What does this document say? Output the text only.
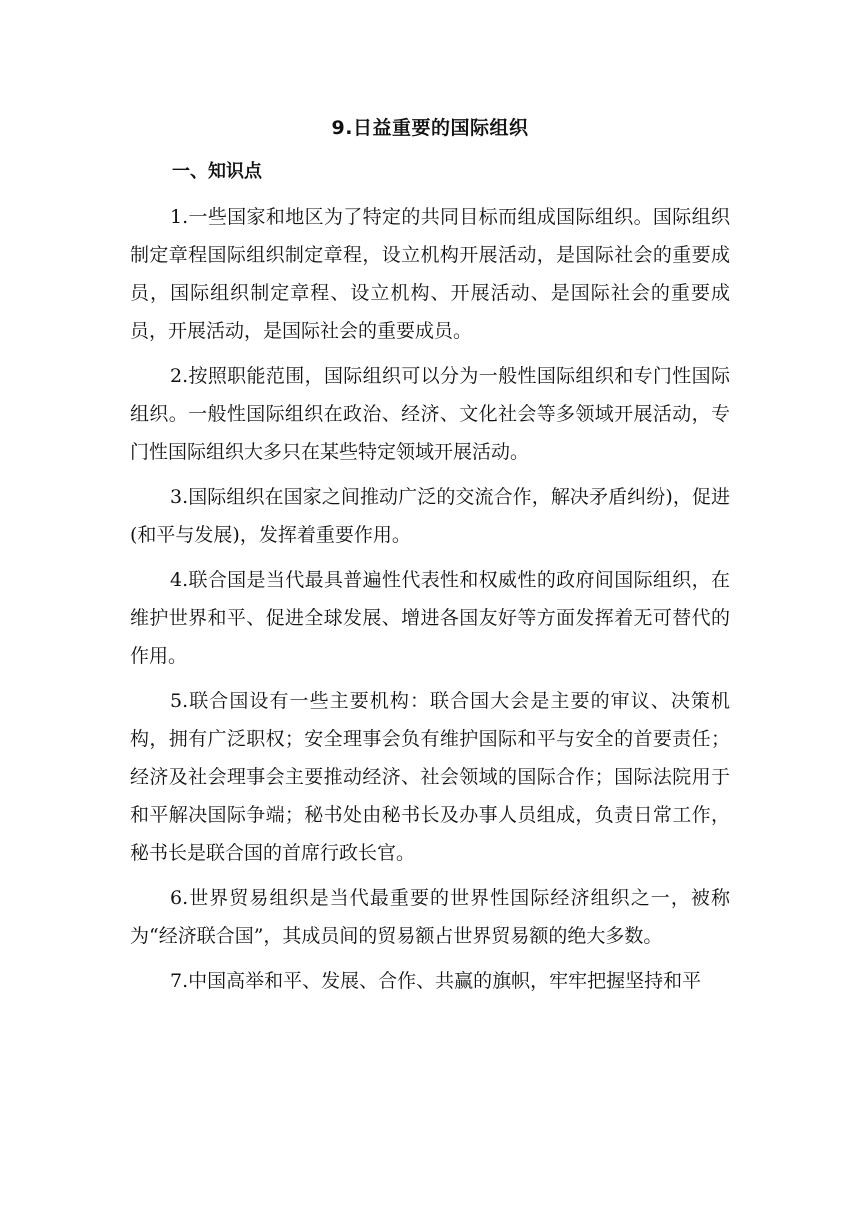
9.日益重要的国际组织
一、知识点

1.一些国家和地区为了特定的共同目标而组成国际组织。国际组织制定章程国际组织制定章程，设立机构开展活动，是国际社会的重要成员，国际组织制定章程、设立机构、开展活动、是国际社会的重要成员，开展活动，是国际社会的重要成员。

2.按照职能范围，国际组织可以分为一般性国际组织和专门性国际组织。一般性国际组织在政治、经济、文化社会等多领域开展活动，专门性国际组织大多只在某些特定领域开展活动。

3.国际组织在国家之间推动广泛的交流合作，解决矛盾纠纷)，促进(和平与发展)，发挥着重要作用。

4.联合国是当代最具普遍性代表性和权威性的政府间国际组织，在维护世界和平、促进全球发展、增进各国友好等方面发挥着无可替代的作用。

5.联合国设有一些主要机构：联合国大会是主要的审议、决策机构，拥有广泛职权；安全理事会负有维护国际和平与安全的首要责任；经济及社会理事会主要推动经济、社会领域的国际合作；国际法院用于和平解决国际争端；秘书处由秘书长及办事人员组成，负责日常工作，秘书长是联合国的首席行政长官。

6.世界贸易组织是当代最重要的世界性国际经济组织之一，被称为“经济联合国”，其成员间的贸易额占世界贸易额的绝大多数。

7.中国高举和平、发展、合作、共赢的旗帜，牢牢把握坚持和平
